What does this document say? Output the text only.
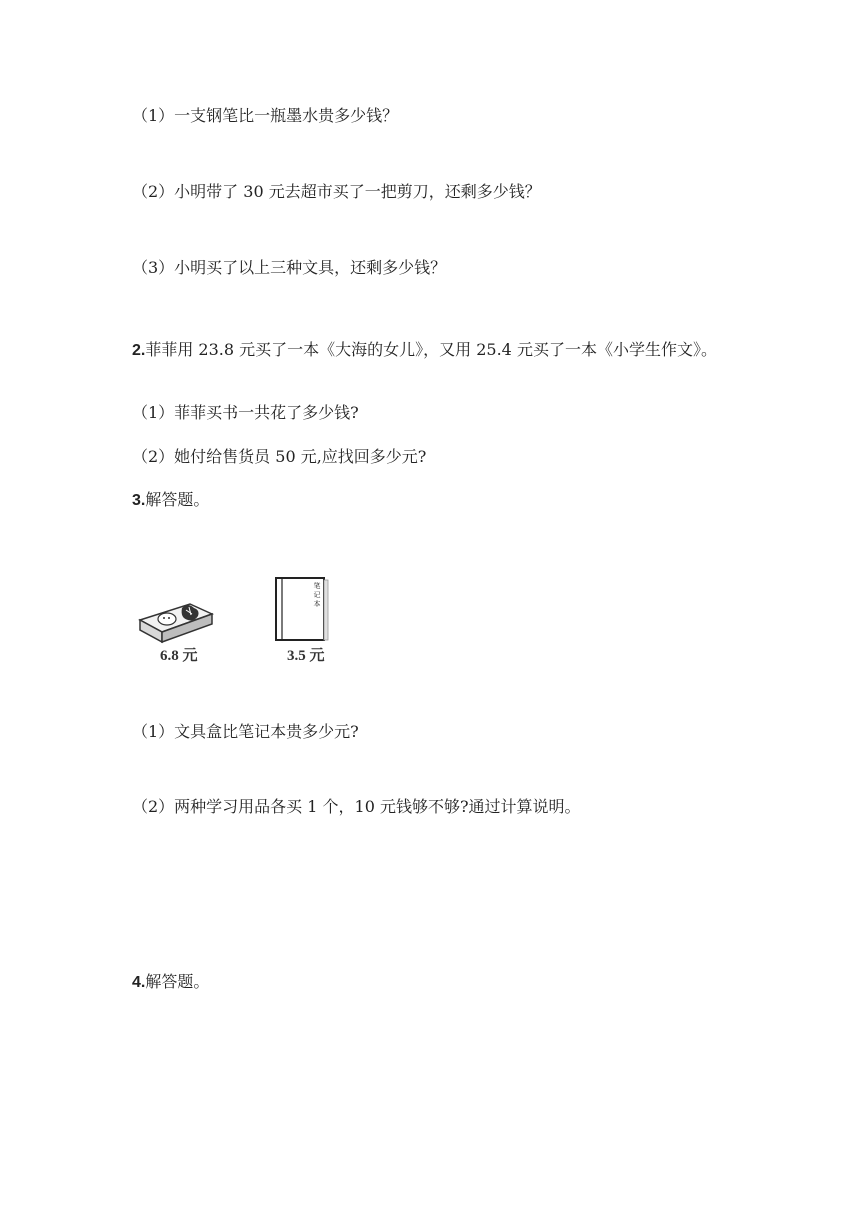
（1）一支钢笔比一瓶墨水贵多少钱？
（2）小明带了 30 元去超市买了一把剪刀，还剩多少钱？
（3）小明买了以上三种文具，还剩多少钱？
2.菲菲用 23.8 元买了一本《大海的女儿》，又用 25.4 元买了一本《小学生作文》。
（1）菲菲买书一共花了多少钱?
（2）她付给售货员 50 元,应找回多少元?
3.解答题。
6.8 元
笔
记
本
3.5 元
（1）文具盒比笔记本贵多少元?
（2）两种学习用品各买 1 个，10 元钱够不够?通过计算说明。
4.解答题。
